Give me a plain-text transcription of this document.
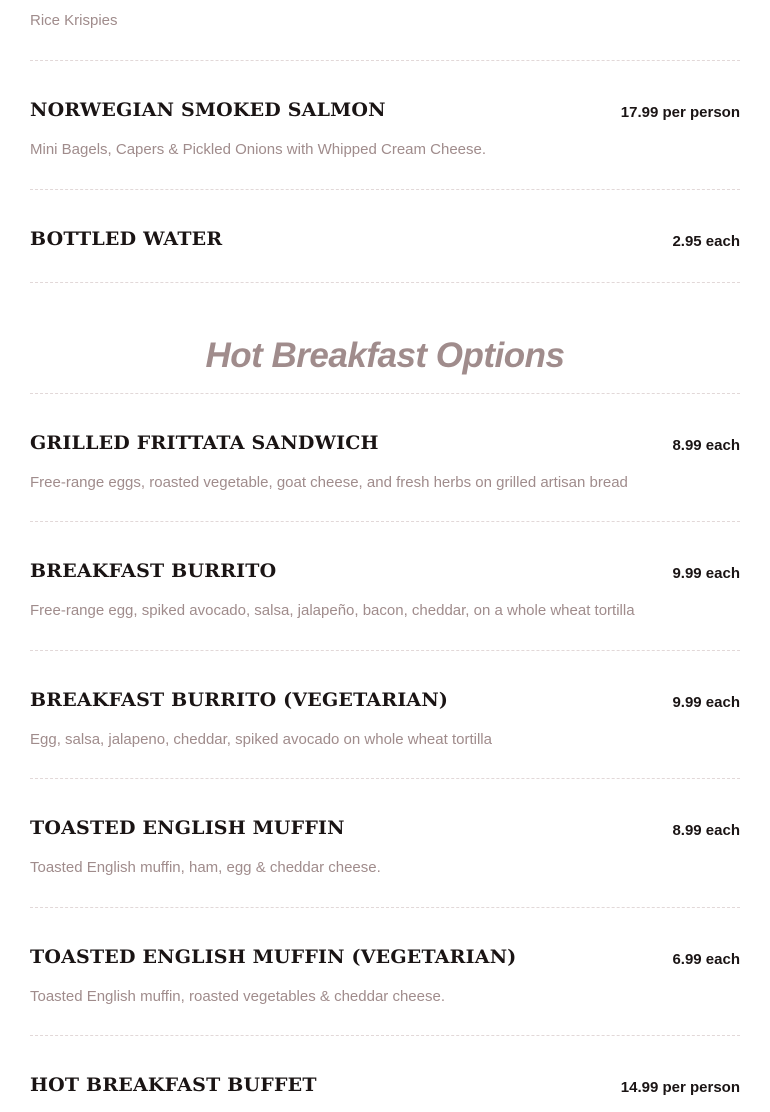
Rice Krispies
NORWEGIAN SMOKED SALMON	17.99 per person
Mini Bagels, Capers & Pickled Onions with Whipped Cream Cheese.
BOTTLED WATER	2.95 each
Hot Breakfast Options
GRILLED FRITTATA SANDWICH	8.99 each
Free-range eggs, roasted vegetable, goat cheese, and fresh herbs on grilled artisan bread
BREAKFAST BURRITO	9.99 each
Free-range egg, spiked avocado, salsa, jalapeño, bacon, cheddar, on a whole wheat tortilla
BREAKFAST BURRITO (VEGETARIAN)	9.99 each
Egg, salsa, jalapeno, cheddar, spiked avocado on whole wheat tortilla
TOASTED ENGLISH MUFFIN	8.99 each
Toasted English muffin, ham, egg & cheddar cheese.
TOASTED ENGLISH MUFFIN (VEGETARIAN)	6.99 each
Toasted English muffin, roasted vegetables & cheddar cheese.
HOT BREAKFAST BUFFET	14.99 per person
